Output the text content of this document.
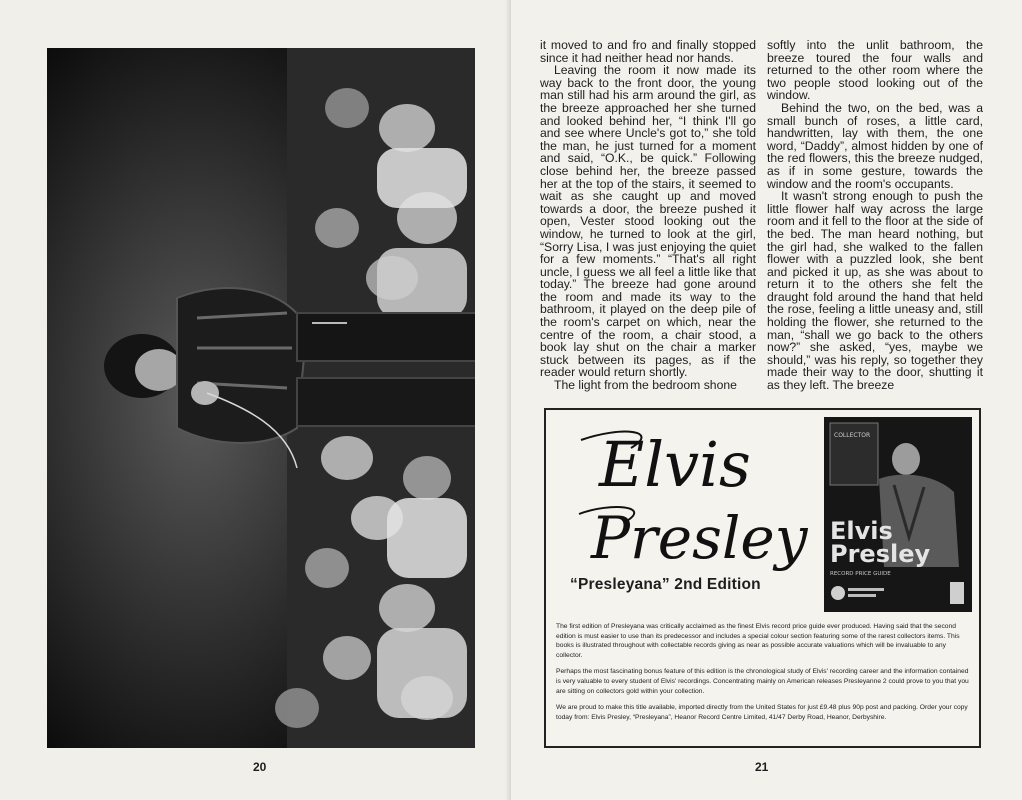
20	21

it moved to and fro and finally stopped since it had neither head nor hands.

Leaving the room it now made its way back to the front door, the young man still had his arm around the girl, as the breeze approached her she turned and looked behind her, “I think I'll go and see where Uncle's got to,” she told the man, he just turned for a moment and said, “O.K., be quick.” Following close behind her, the breeze passed her at the top of the stairs, it seemed to wait as she caught up and moved towards a door, the breeze pushed it open, Vester stood looking out the window, he turned to look at the girl, “Sorry Lisa, I was just enjoying the quiet for a few moments.” “That's all right uncle, I guess we all feel a little like that today.” The breeze had gone around the room and made its way to the bathroom, it played on the deep pile of the room's carpet on which, near the centre of the room, a chair stood, a book lay shut on the chair a marker stuck between its pages, as if the reader would return shortly.

The light from the bedroom shone

softly into the unlit bathroom, the breeze toured the four walls and returned to the other room where the two people stood looking out of the window.

Behind the two, on the bed, was a small bunch of roses, a little card, handwritten, lay with them, the one word, “Daddy”, almost hidden by one of the red flowers, this the breeze nudged, as if in some gesture, towards the window and the room's occupants.

It wasn't strong enough to push the little flower half way across the large room and it fell to the floor at the side of the bed. The man heard nothing, but the girl had, she walked to the fallen flower with a puzzled look, she bent and picked it up, as she was about to return it to the others she felt the draught fold around the hand that held the rose, feeling a little uneasy and, still holding the flower, she returned to the man, “shall we go back to the others now?” she asked, “yes, maybe we should,” was his reply, so together they made their way to the door, shutting it as they left. The breeze

Elvis
Presley
“Presleyana” 2nd Edition
COLLECTOR
Elvis
Presley
RECORD PRICE GUIDE

The first edition of Presleyana was critically acclaimed as the finest Elvis record price guide ever produced. Having said that the second edition is must easier to use than its predecessor and includes a special colour section featuring some of the rarest collectors items. This books is illustrated throughout with collectable records giving as near as possible accurate valuations which will be invaluable to any collector.

Perhaps the most fascinating bonus feature of this edition is the chronological study of Elvis' recording career and the information contained is very valuable to every student of Elvis' recordings. Concentrating mainly on American releases Presleyanne 2 could prove to you that you are sitting on collectors gold within your collection.

We are proud to make this title available, imported directly from the United States for just £9.48 plus 90p post and packing. Order your copy today from: Elvis Presley, “Presleyana”, Heanor Record Centre Limited, 41/47 Derby Road, Heanor, Derbyshire.
